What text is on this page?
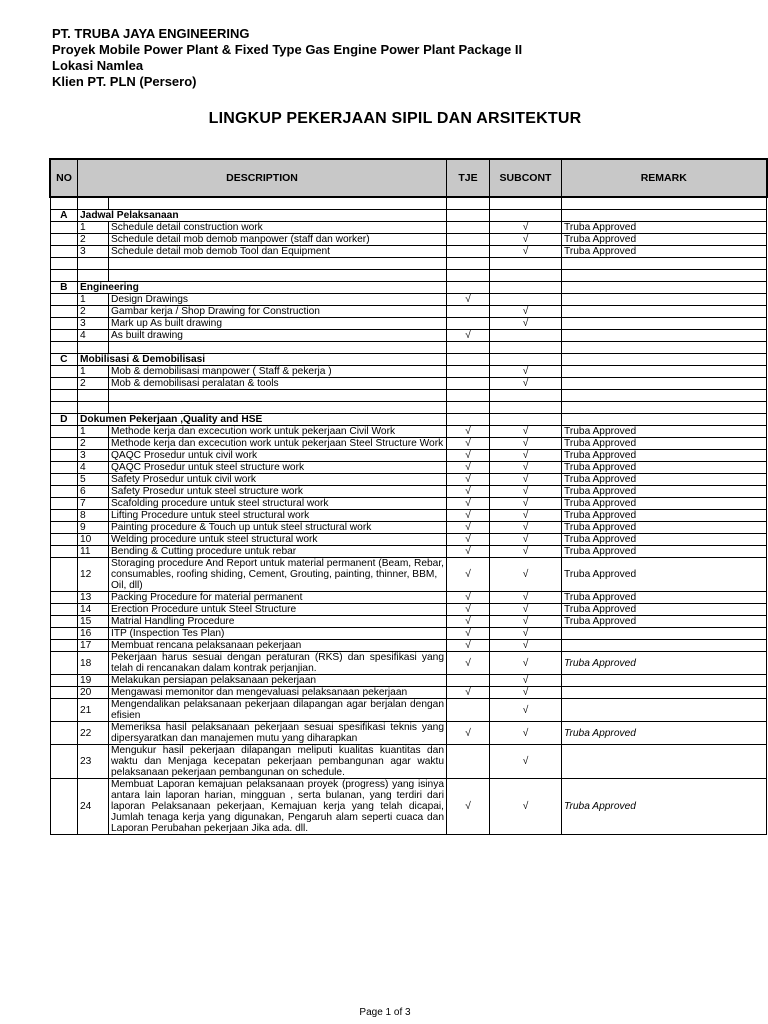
PT. TRUBA JAYA ENGINEERING
Proyek Mobile Power Plant & Fixed Type Gas Engine Power Plant Package II
Lokasi Namlea
Klien PT. PLN (Persero)
LINGKUP PEKERJAAN SIPIL DAN ARSITEKTUR
NO	DESCRIPTION		TJE	SUBCONT	REMARK

A	Jadwal Pelaksanaan				
	1	Schedule detail construction work		√	Truba Approved
	2	Schedule detail mob demob manpower (staff dan worker)		√	Truba Approved
	3	Schedule detail mob demob Tool dan Equipment		√	Truba Approved

B	Engineering				
	1	Design Drawings	√		
	2	Gambar kerja / Shop Drawing for Construction		√	
	3	Mark up As built drawing		√	
	4	As built drawing	√		

C	Mobilisasi & Demobilisasi				
	1	Mob & demobilisasi manpower ( Staff & pekerja )		√	
	2	Mob & demobilisasi peralatan & tools		√	

D	Dokumen Pekerjaan ,Quality and HSE				
	1	Methode kerja dan excecution work untuk pekerjaan Civil Work	√	√	Truba Approved
	2	Methode kerja dan excecution work untuk pekerjaan Steel Structure Work	√	√	Truba Approved
	3	QAQC Prosedur untuk civil work	√	√	Truba Approved
	4	QAQC Prosedur untuk steel structure work	√	√	Truba Approved
	5	Safety Prosedur untuk civil work	√	√	Truba Approved
	6	Safety Prosedur untuk steel structure work	√	√	Truba Approved
	7	Scafolding procedure untuk steel structural work	√	√	Truba Approved
	8	Lifting Procedure untuk steel structural work	√	√	Truba Approved
	9	Painting procedure & Touch up untuk steel structural work	√	√	Truba Approved
	10	Welding procedure untuk steel structural work	√	√	Truba Approved
	11	Bending & Cutting procedure untuk rebar	√	√	Truba Approved
	12	Storaging procedure And Report untuk material permanent (Beam, Rebar, consumables, roofing shiding, Cement, Grouting, painting, thinner, BBM, Oil, dll)	√	√	Truba Approved
	13	Packing Procedure for material permanent	√	√	Truba Approved
	14	Erection Procedure untuk Steel Structure	√	√	Truba Approved
	15	Matrial Handling Procedure	√	√	Truba Approved
	16	ITP (Inspection Tes Plan)	√	√	
	17	Membuat rencana pelaksanaan pekerjaan	√	√	
	18	Pekerjaan harus sesuai dengan peraturan (RKS) dan spesifikasi yang telah di rencanakan dalam kontrak perjanjian.	√	√	Truba Approved
	19	Melakukan persiapan pelaksanaan pekerjaan		√	
	20	Mengawasi memonitor dan mengevaluasi pelaksanaan pekerjaan	√	√	
	21	Mengendalikan pelaksanaan pekerjaan dilapangan agar berjalan dengan efisien		√	
	22	Memeriksa hasil pelaksanaan pekerjaan sesuai spesifikasi teknis yang dipersyaratkan dan manajemen mutu yang diharapkan	√	√	Truba Approved
	23	Mengukur hasil pekerjaan dilapangan meliputi kualitas kuantitas dan waktu dan Menjaga kecepatan pekerjaan pembangunan agar waktu pelaksanaan pekerjaan pembangunan on schedule.		√	
	24	Membuat Laporan kemajuan pelaksanaan proyek (progress) yang isinya antara lain laporan harian, mingguan , serta bulanan, yang terdiri dari laporan Pelaksanaan pekerjaan, Kemajuan kerja yang telah dicapai, Jumlah tenaga kerja yang digunakan, Pengaruh alam seperti cuaca dan Laporan Perubahan pekerjaan Jika ada. dll.	√	√	Truba Approved
Page 1 of 3
